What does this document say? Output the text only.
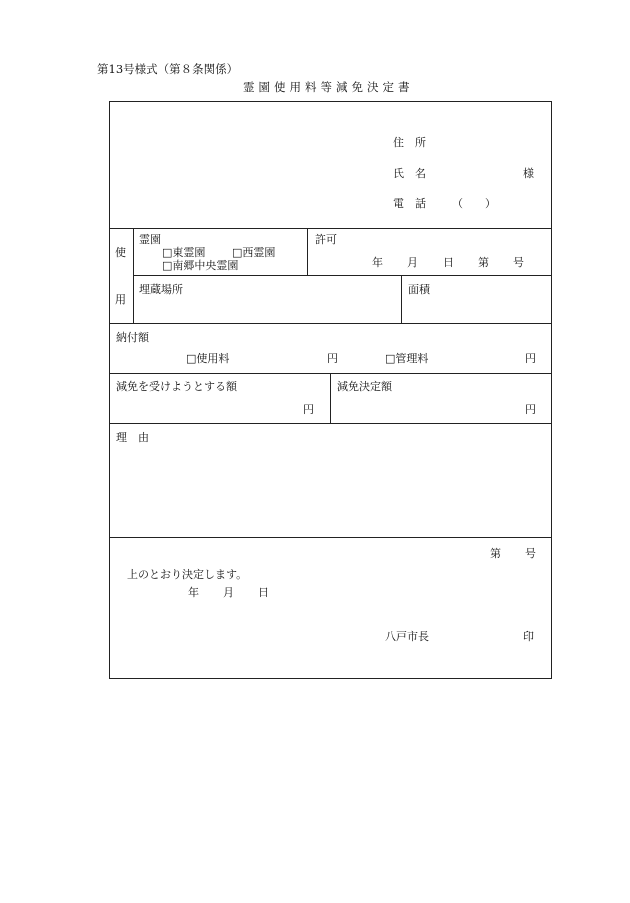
第13号様式（第８条関係）
霊園使用料等減免決定書
住　所
氏　名	様
電　話 （　　）
使
用
霊園
□東霊園 □西霊園
□南郷中央霊園
許可
年 月 日 第 号
埋蔵場所	面積
納付額
□使用料	円	□管理料	円
減免を受けようとする額
円
減免決定額
円
理　由
第 号
上のとおり決定します。
年 月 日
八戸市長	印
